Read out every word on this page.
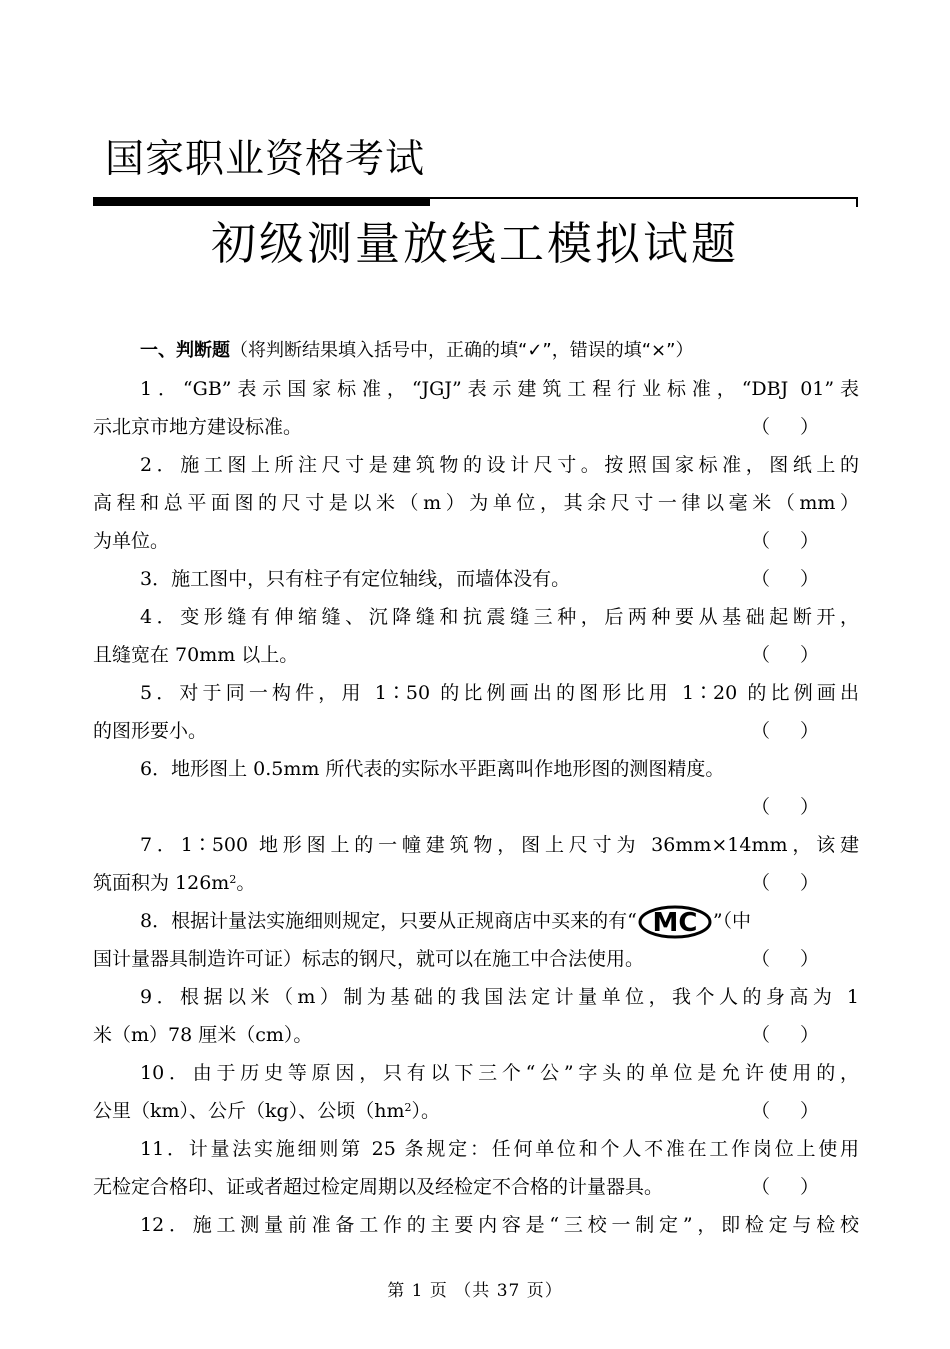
国家职业资格考试
初级测量放线工模拟试题
一、判断题（将判断结果填入括号中，正确的填“✓”，错误的填“×”）
1．“GB”表示国家标准，“JGJ”表示建筑工程行业标准，“DBJ 01”表
示北京市地方建设标准。	（）
2．施工图上所注尺寸是建筑物的设计尺寸。按照国家标准，图纸上的
高程和总平面图的尺寸是以米（m）为单位，其余尺寸一律以毫米（mm）
为单位。	（）
3．施工图中，只有柱子有定位轴线，而墙体没有。	（）
4．变形缝有伸缩缝、沉降缝和抗震缝三种，后两种要从基础起断开，
且缝宽在 70mm 以上。	（）
5．对于同一构件，用 1∶50 的比例画出的图形比用 1∶20 的比例画出
的图形要小。	（）
6．地形图上 0.5mm 所代表的实际水平距离叫作地形图的测图精度。
（）
7．1∶500 地形图上的一幢建筑物，图上尺寸为 36mm×14mm，该建
筑面积为 $126m^2$。	（）
8．根据计量法实施细则规定，只要从正规商店中买来的有“ MC ”（中
国计量器具制造许可证）标志的钢尺，就可以在施工中合法使用。	（）
9．根据以米（m）制为基础的我国法定计量单位，我个人的身高为 1
米（m）78 厘米（cm）。	（）
10．由于历史等原因，只有以下三个“公”字头的单位是允许使用的，
公里（km）、公斤（kg）、公顷$(hm^2)$。	（）
11．计量法实施细则第 25 条规定：任何单位和个人不准在工作岗位上使用
无检定合格印、证或者超过检定周期以及经检定不合格的计量器具。	（）
12．施工测量前准备工作的主要内容是“三校一制定”，即检定与检校
第 1 页 （共 37 页）
